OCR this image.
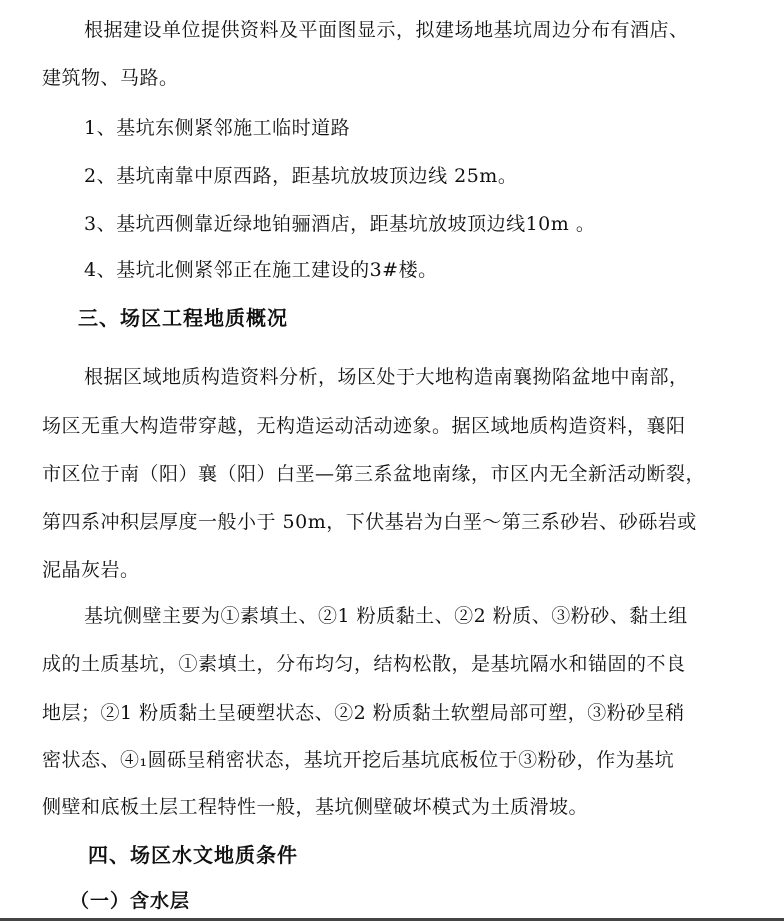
根据建设单位提供资料及平面图显示，拟建场地基坑周边分布有酒店、
建筑物、马路。
1、基坑东侧紧邻施工临时道路
2、基坑南靠中原西路，距基坑放坡顶边线 25m。
3、基坑西侧靠近绿地铂骊酒店，距基坑放坡顶边线10m 。
4、基坑北侧紧邻正在施工建设的3#楼。
三、场区工程地质概况
根据区域地质构造资料分析，场区处于大地构造南襄拗陷盆地中南部，
场区无重大构造带穿越，无构造运动活动迹象。据区域地质构造资料，襄阳
市区位于南（阳）襄（阳）白垩—第三系盆地南缘，市区内无全新活动断裂，
第四系冲积层厚度一般小于 50m，下伏基岩为白垩～第三系砂岩、砂砾岩或
泥晶灰岩。
基坑侧壁主要为①素填土、②1 粉质黏土、②2 粉质、③粉砂、黏土组
成的土质基坑，①素填土，分布均匀，结构松散，是基坑隔水和锚固的不良
地层；②1 粉质黏土呈硬塑状态、②2 粉质黏土软塑局部可塑，③粉砂呈稍
密状态、④₁圆砾呈稍密状态，基坑开挖后基坑底板位于③粉砂，作为基坑
侧壁和底板土层工程特性一般，基坑侧壁破坏模式为土质滑坡。
四、场区水文地质条件
（一）含水层
